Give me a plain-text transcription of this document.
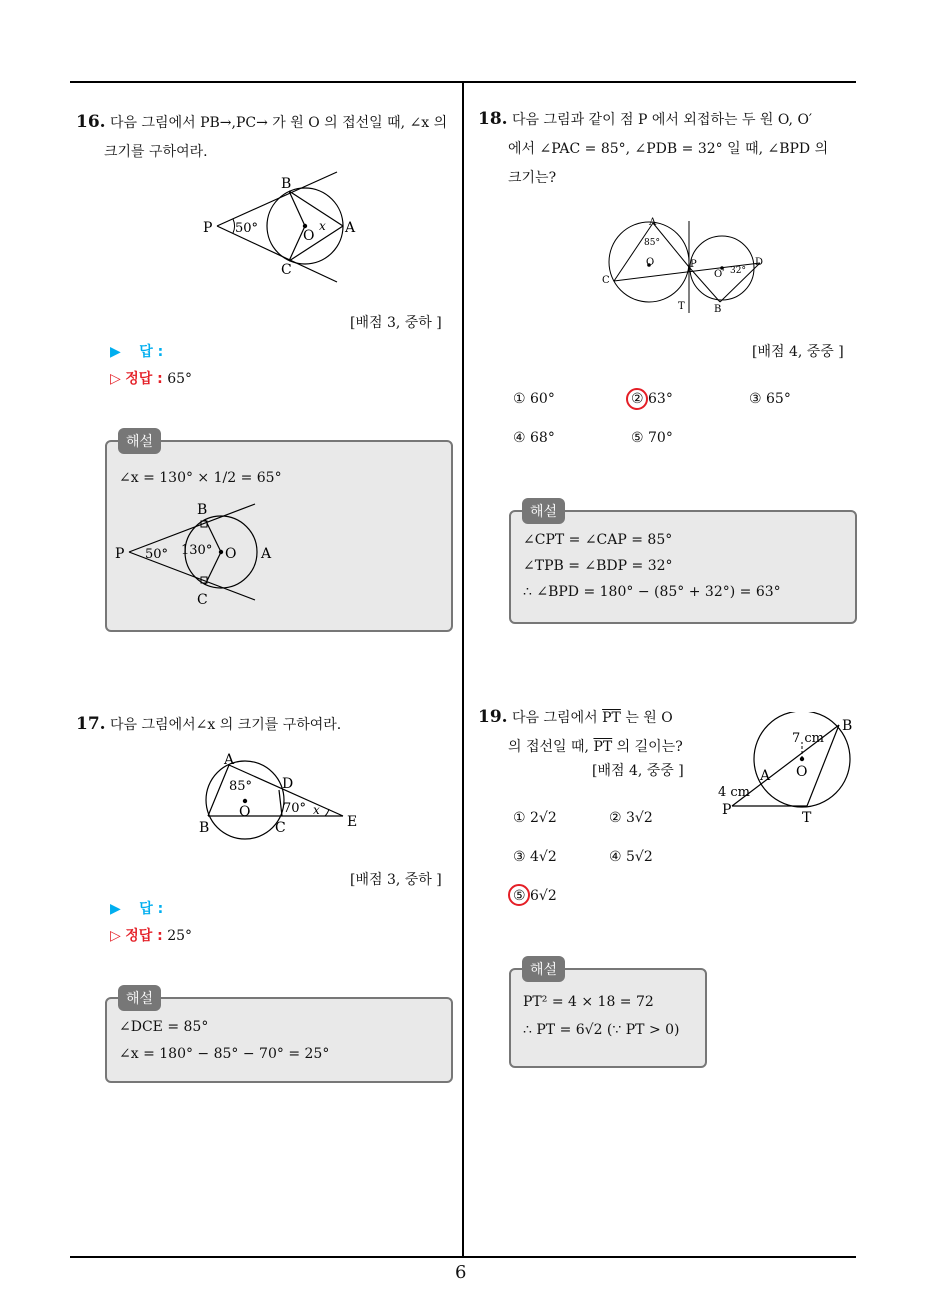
6
16. 다음 그림에서 PB→,PC→ 가 원 O 의 접선일 때, ∠x 의
크기를 구하여라.
P
B
C
A
O
50°	x
[배점 3, 중하 ]
▶ 답 :
▷ 정답 : 65°
∠x = 130° × 1/2 = 65°
P
B
C
A
O
50° 130°
해설
17. 다음 그림에서∠x 의 크기를 구하여라.
A
B	C
D
E
O
85°
70° x
[배점 3, 중하 ]
▶ 답 :
▷ 정답 : 25°
∠DCE = 85°
∠x = 180° − 85° − 70° = 25°
해설
18. 다음 그림과 같이 점 P 에서 외접하는 두 원 O, O′
에서 ∠PAC = 85°, ∠PDB = 32° 일 때, ∠BPD 의
크기는?
A
C
O	P
T	B
D
O′
85°
32°
[배점 4, 중중 ]
① 60°	② 63°	③ 65°
④ 68°	⑤ 70°
∠CPT = ∠CAP = 85°
∠TPB = ∠BDP = 32°
∴ ∠BPD = 180° − (85° + 32°) = 63°
해설
19. 다음 그림에서 $\overline{PT}$ 는 원 O
의 접선일 때, $\overline{PT}$ 의 길이는?
[배점 4, 중중 ]
B
A O
P	T
7 cm
4 cm
① 2√2	② 3√2
③ 4√2	④ 5√2
⑤ 6√2
PT² = 4 × 18 = 72
∴ PT = 6√2 (∵ PT > 0)
해설
